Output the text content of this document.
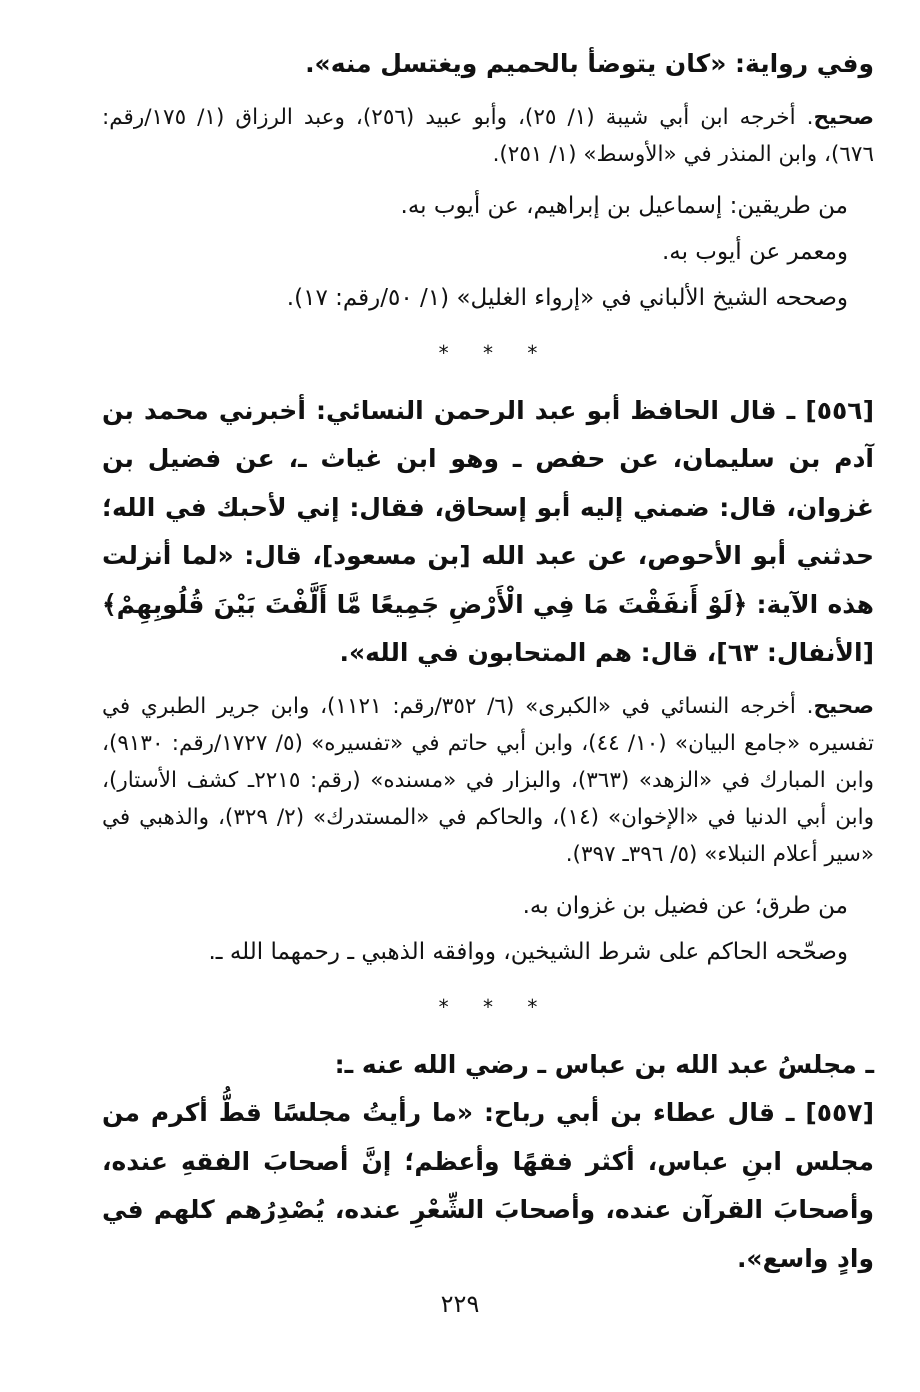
وفي رواية: «كان يتوضأ بالحميم ويغتسل منه».

صحيح. أخرجه ابن أبي شيبة (١/ ٢٥)، وأبو عبيد (٢٥٦)، وعبد الرزاق (١/ ١٧٥/رقم: ٦٧٦)، وابن المنذر في «الأوسط» (١/ ٢٥١).

من طريقين: إسماعيل بن إبراهيم، عن أيوب به.

ومعمر عن أيوب به.

وصححه الشيخ الألباني في «إرواء الغليل» (١/ ٥٠/رقم: ١٧).

* * *

[٥٥٦] ـ قال الحافظ أبو عبد الرحمن النسائي: أخبرني محمد بن آدم بن سليمان، عن حفص ـ وهو ابن غياث ـ، عن فضيل بن غزوان، قال: ضمني إليه أبو إسحاق، فقال: إني لأحبك في الله؛ حدثني أبو الأحوص، عن عبد الله [بن مسعود]، قال: «لما أنزلت هذه الآية: ﴿لَوْ أَنفَقْتَ مَا فِي الْأَرْضِ جَمِيعًا مَّا أَلَّفْتَ بَيْنَ قُلُوبِهِمْ﴾ [الأنفال: ٦٣]، قال: هم المتحابون في الله».

صحيح. أخرجه النسائي في «الكبرى» (٦/ ٣٥٢/رقم: ١١٢١)، وابن جرير الطبري في تفسيره «جامع البيان» (١٠/ ٤٤)، وابن أبي حاتم في «تفسيره» (٥/ ١٧٢٧/رقم: ٩١٣٠)، وابن المبارك في «الزهد» (٣٦٣)، والبزار في «مسنده» (رقم: ٢٢١٥ـ كشف الأستار)، وابن أبي الدنيا في «الإخوان» (١٤)، والحاكم في «المستدرك» (٢/ ٣٢٩)، والذهبي في «سير أعلام النبلاء» (٥/ ٣٩٦ـ ٣٩٧).

من طرق؛ عن فضيل بن غزوان به.

وصحّحه الحاكم على شرط الشيخين، ووافقه الذهبي ـ رحمهما الله ـ.

* * *

ـ مجلسُ عبد الله بن عباس ـ رضي الله عنه ـ:

[٥٥٧] ـ قال عطاء بن أبي رباح: «ما رأيتُ مجلسًا قطُّ أكرم من مجلس ابنِ عباس، أكثر فقهًا وأعظم؛ إنَّ أصحابَ الفقهِ عنده، وأصحابَ القرآن عنده، وأصحابَ الشِّعْرِ عنده، يُصْدِرُهم كلهم في وادٍ واسع».

٢٢٩
